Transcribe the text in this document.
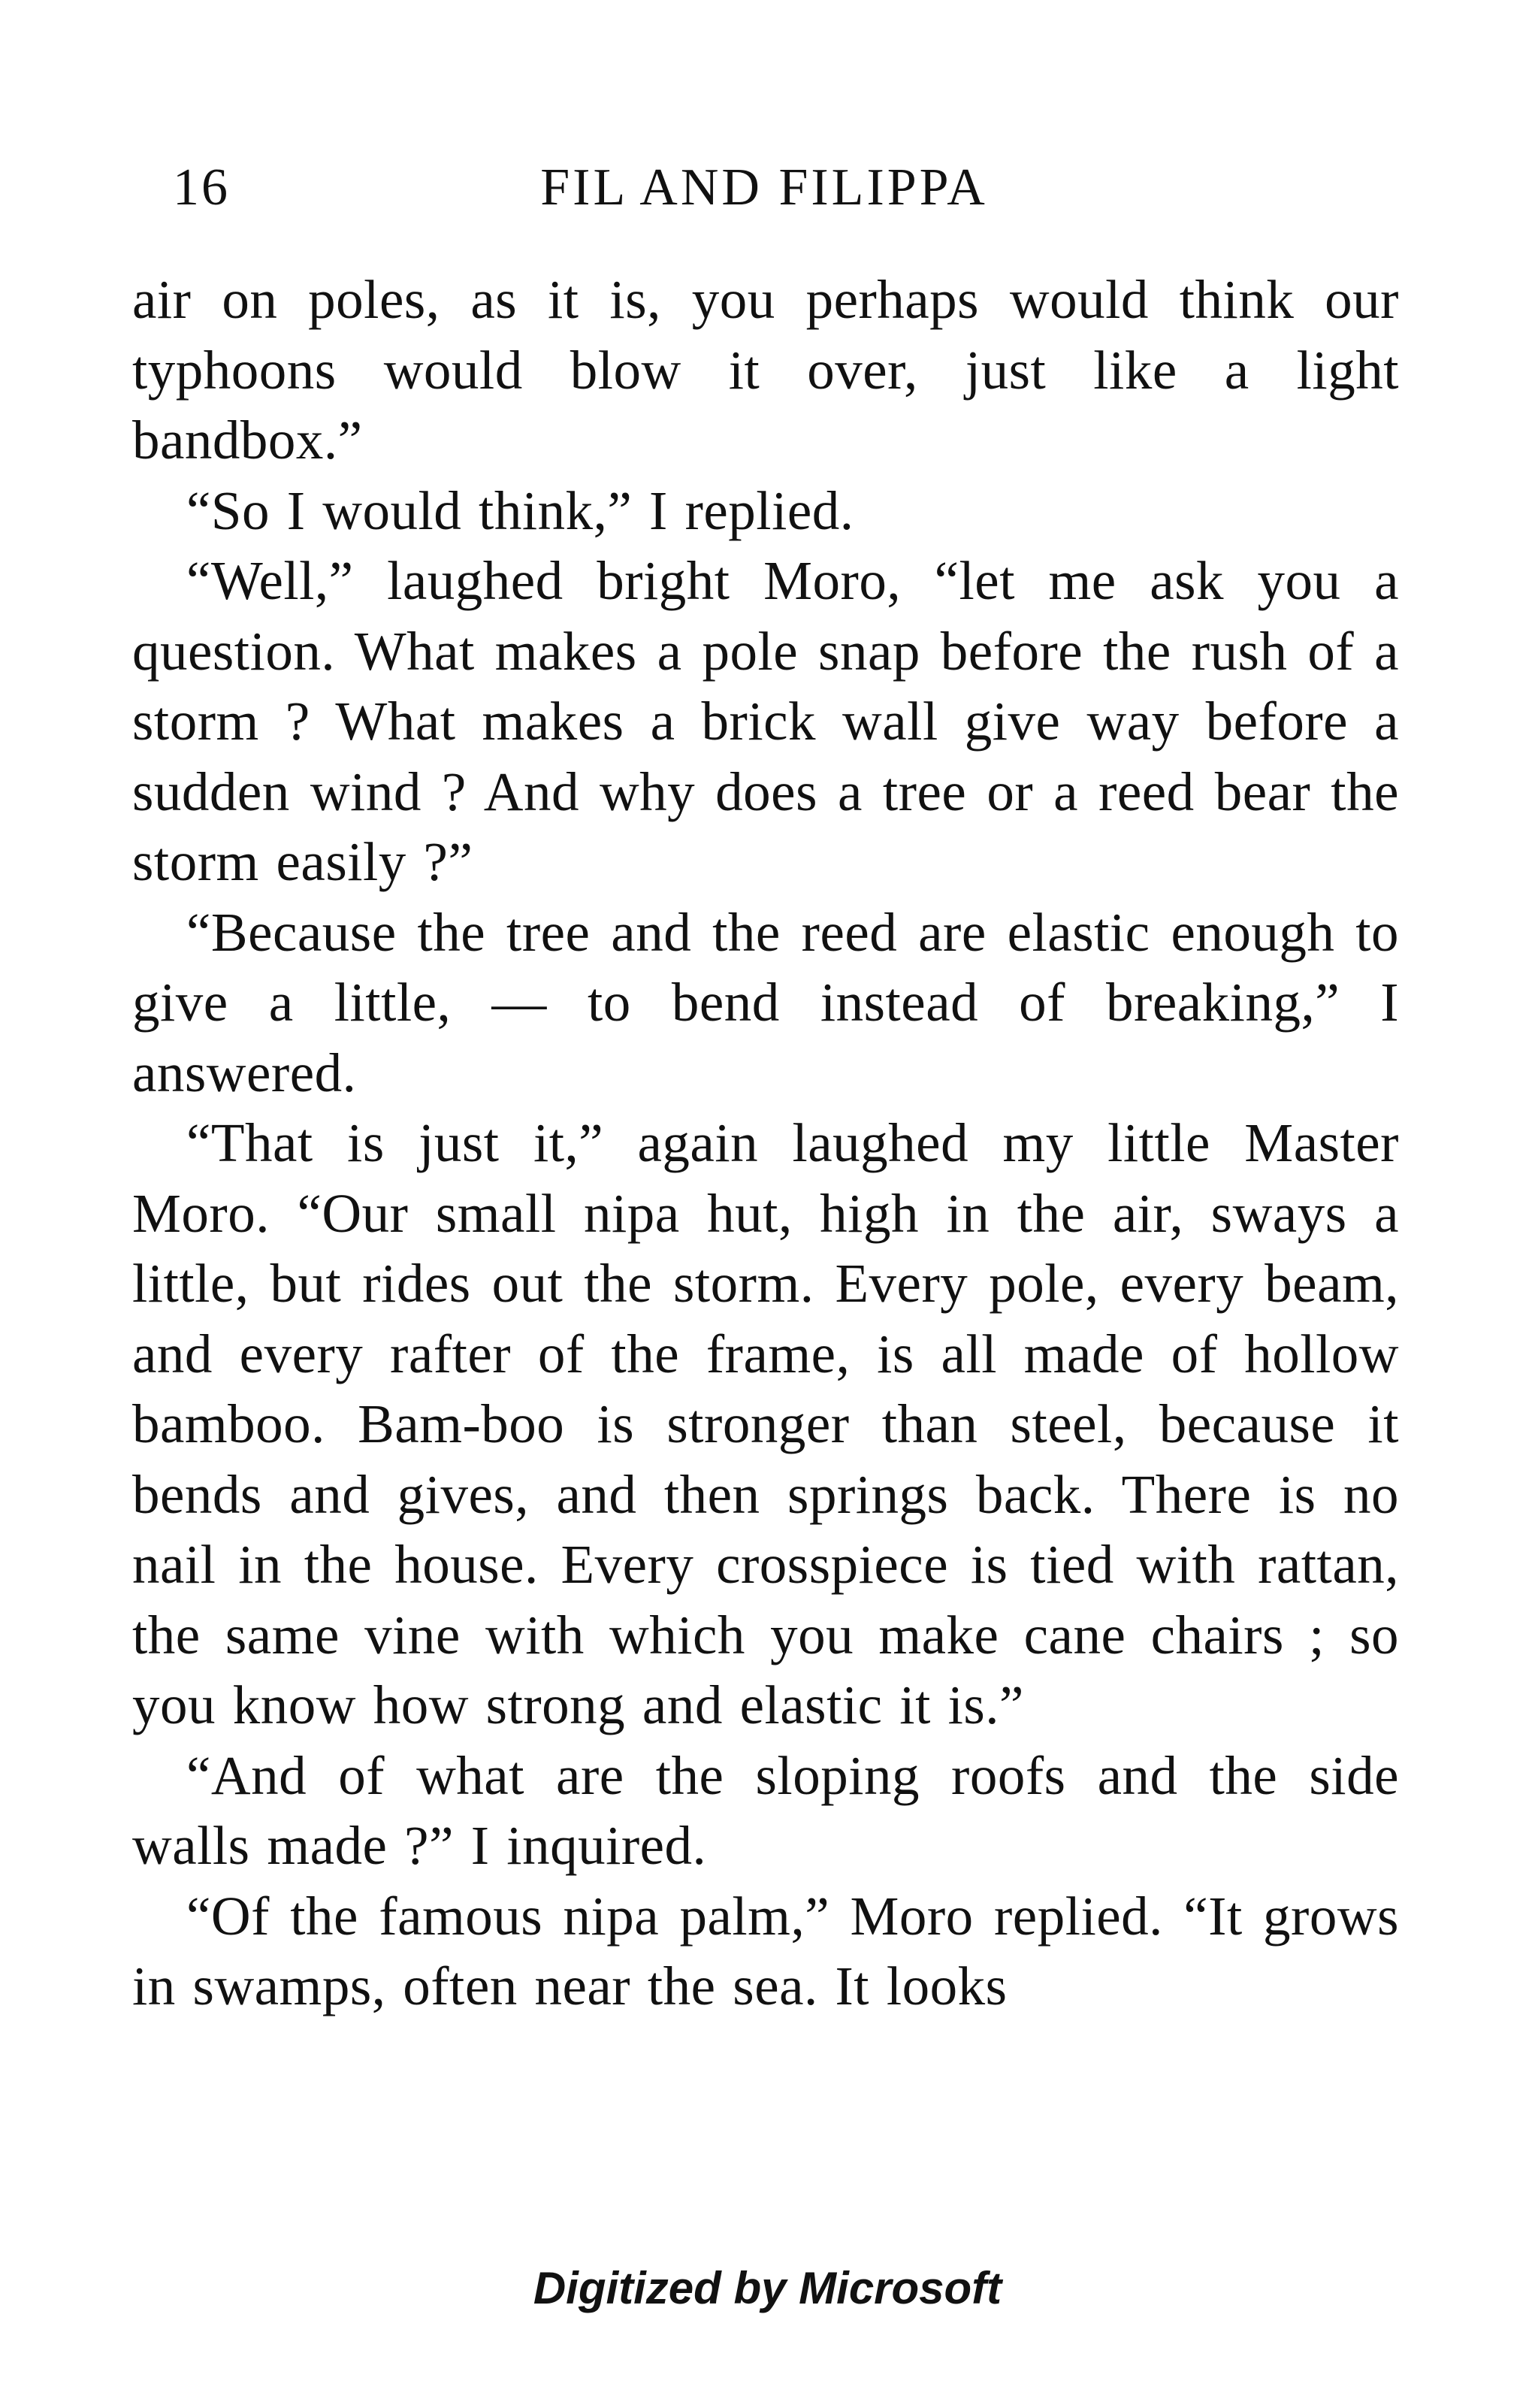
16	FIL AND FILIPPA

air on poles, as it is, you perhaps would think our typhoons would blow it over, just like a light bandbox.”

“So I would think,” I replied.

“Well,” laughed bright Moro, “let me ask you a question. What makes a pole snap before the rush of a storm ? What makes a brick wall give way before a sudden wind ? And why does a tree or a reed bear the storm easily ?”

“Because the tree and the reed are elastic enough to give a little, — to bend instead of breaking,” I answered.

“That is just it,” again laughed my little Master Moro. “Our small nipa hut, high in the air, sways a little, but rides out the storm. Every pole, every beam, and every rafter of the frame, is all made of hollow bamboo. Bam-boo is stronger than steel, because it bends and gives, and then springs back. There is no nail in the house. Every crosspiece is tied with rattan, the same vine with which you make cane chairs ; so you know how strong and elastic it is.”

“And of what are the sloping roofs and the side walls made ?” I inquired.

“Of the famous nipa palm,” Moro replied. “It grows in swamps, often near the sea. It looks

Digitized by Microsoft
